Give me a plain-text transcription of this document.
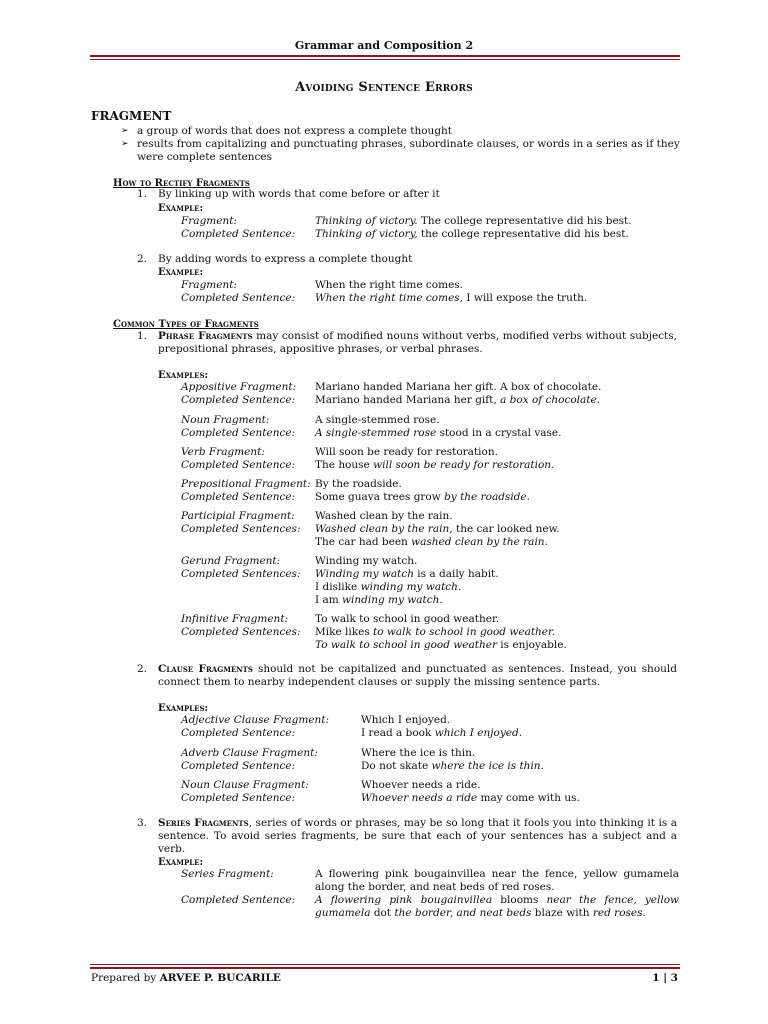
Grammar and Composition 2
Avoiding Sentence Errors
FRAGMENT
➢ a group of words that does not express a complete thought
➢ results from capitalizing and punctuating phrases, subordinate clauses, or words in a series as if they were complete sentences
How to Rectify Fragments
1.	By linking up with words that come before or after it
Example:
Fragment:	Thinking of victory. The college representative did his best.
Completed Sentence: Thinking of victory, the college representative did his best.
2.	By adding words to express a complete thought
Example:
Fragment:	When the right time comes.
Completed Sentence: When the right time comes, I will expose the truth.
Common Types of Fragments
1.	Phrase Fragments may consist of modified nouns without verbs, modified verbs without subjects, prepositional phrases, appositive phrases, or verbal phrases.
Examples:
Appositive Fragment: Mariano handed Mariana her gift. A box of chocolate.
Completed Sentence: Mariano handed Mariana her gift, a box of chocolate.
Noun Fragment:	A single-stemmed rose.
Completed Sentence: A single-stemmed rose stood in a crystal vase.
Verb Fragment:	Will soon be ready for restoration.
Completed Sentence: The house will soon be ready for restoration.
Prepositional Fragment: By the roadside.
Completed Sentence: Some guava trees grow by the roadside.
Participial Fragment: Washed clean by the rain.
Completed Sentences: Washed clean by the rain, the car looked new.
The car had been washed clean by the rain.
Gerund Fragment:	Winding my watch.
Completed Sentences: Winding my watch is a daily habit.
I dislike winding my watch.
I am winding my watch.
Infinitive Fragment:	To walk to school in good weather.
Completed Sentences: Mike likes to walk to school in good weather.
To walk to school in good weather is enjoyable.
2.	Clause Fragments should not be capitalized and punctuated as sentences. Instead, you should connect them to nearby independent clauses or supply the missing sentence parts.
Examples:
Adjective Clause Fragment:	Which I enjoyed.
Completed Sentence:	I read a book which I enjoyed.
Adverb Clause Fragment:	Where the ice is thin.
Completed Sentence:	Do not skate where the ice is thin.
Noun Clause Fragment:	Whoever needs a ride.
Completed Sentence:	Whoever needs a ride may come with us.
3.	Series Fragments, series of words or phrases, may be so long that it fools you into thinking it is a sentence. To avoid series fragments, be sure that each of your sentences has a subject and a verb.
Example:
Series Fragment:	A flowering pink bougainvillea near the fence, yellow gumamela along the border, and neat beds of red roses.
Completed Sentence: A flowering pink bougainvillea blooms near the fence, yellow gumamela dot the border, and neat beds blaze with red roses.
Prepared by ARVEE P. BUCARILE	1 | 3
